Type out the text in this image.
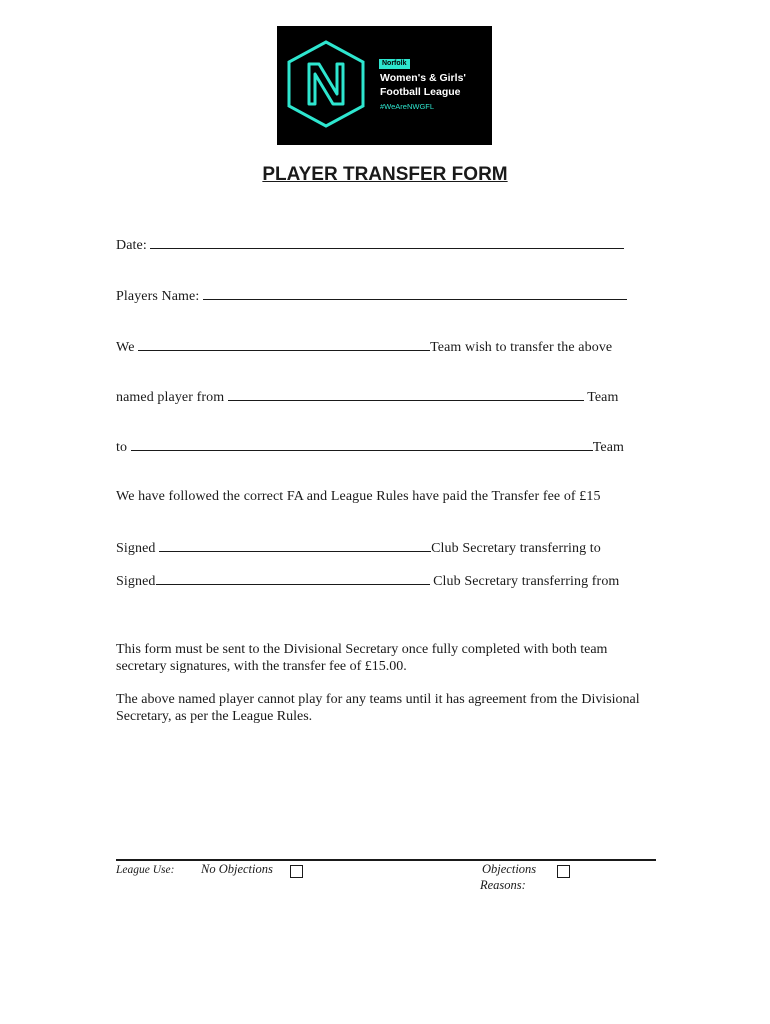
Norfolk
Women's & Girls' Football League
#WeAreNWGFL
PLAYER TRANSFER FORM
Date:
Players Name:
We	Team wish to transfer the above
named player from	Team
to	Team
We have followed the correct FA and League Rules have paid the Transfer fee of £15
Signed	Club Secretary transferring to
Signed	Club Secretary transferring from
This form must be sent to the Divisional Secretary once fully completed with both team secretary signatures, with the transfer fee of £15.00.
The above named player cannot play for any teams until it has agreement from the Divisional Secretary, as per the League Rules.
League Use: No Objections	Objections
Reasons:
